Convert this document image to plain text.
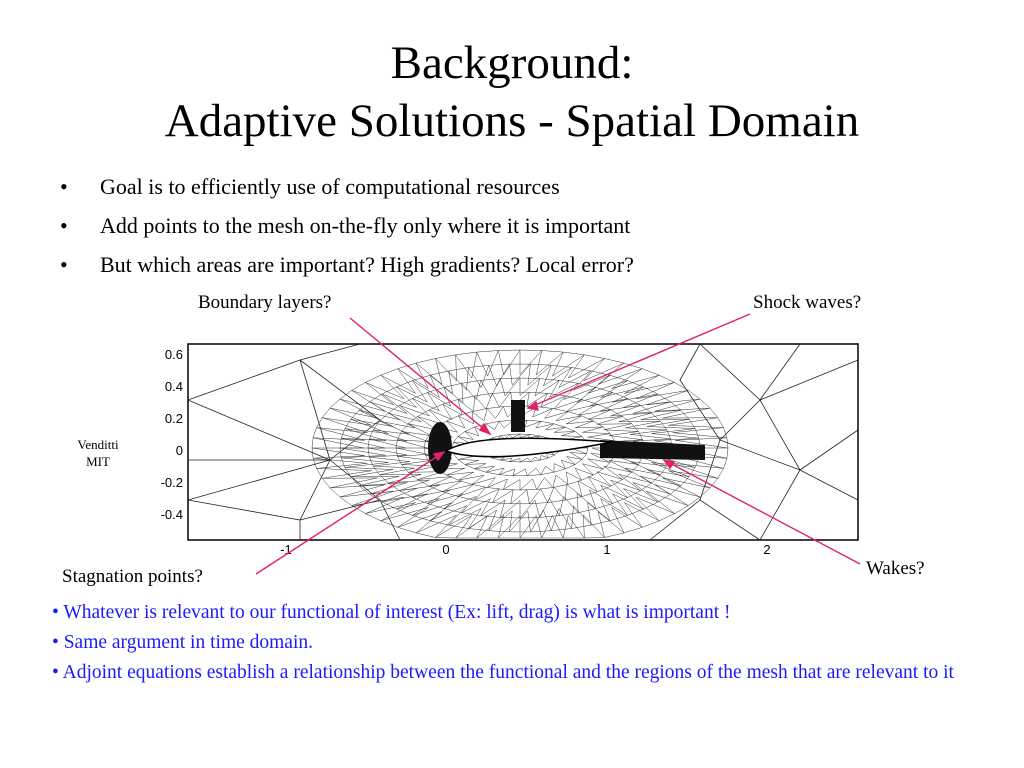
Background:
Adaptive Solutions - Spatial Domain
• Goal is to efficiently use of computational resources
• Add points to the mesh on-the-fly only where it is important
• But which areas are important? High gradients? Local error?
0.6
0.4
0.2
0
-0.2
-0.4
-1	0	1	2
Boundary layers?	Shock waves?
Stagnation points?	Wakes?
Venditti
MIT
• Whatever is relevant to our functional of interest (Ex: lift, drag) is what is important !
• Same argument in time domain.
• Adjoint equations establish a relationship between the functional and the regions of the mesh that are relevant to it
